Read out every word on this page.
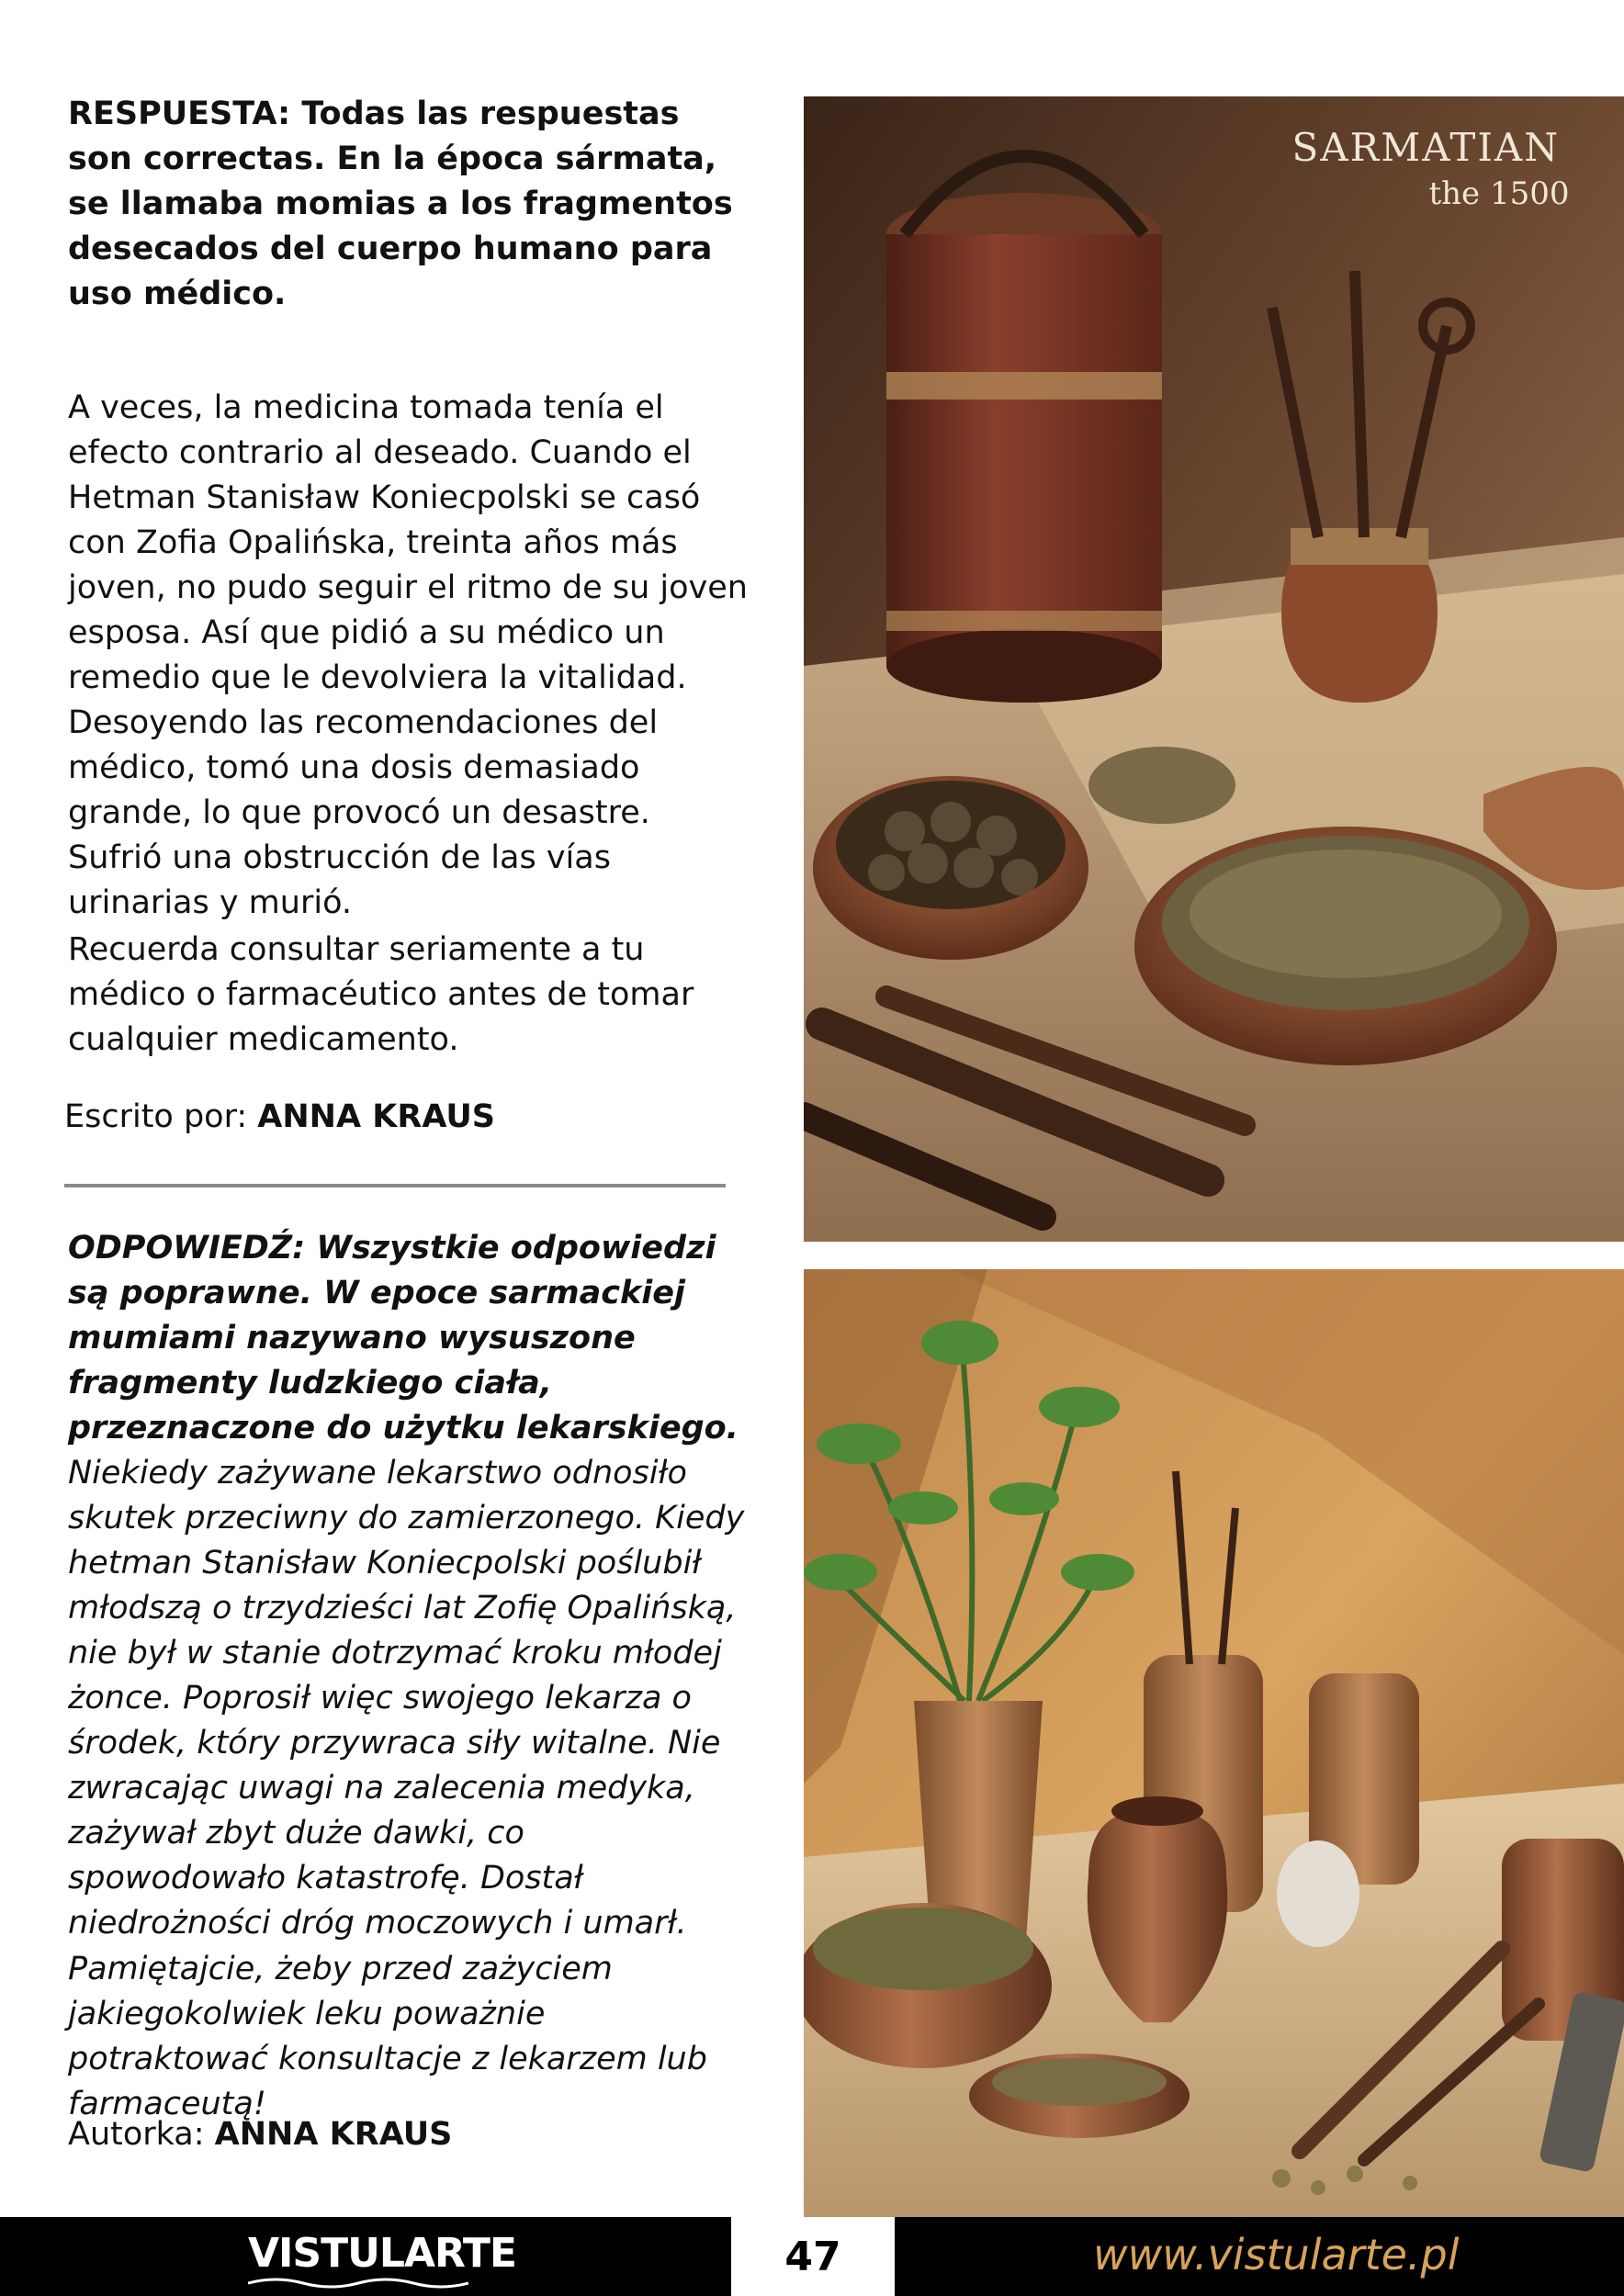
RESPUESTA: Todas las respuestas son correctas. En la época sármata, se llamaba momias a los fragmentos desecados del cuerpo humano para uso médico.

A veces, la medicina tomada tenía el efecto contrario al deseado. Cuando el Hetman Stanisław Koniecpolski se casó con Zofia Opalińska, treinta años más joven, no pudo seguir el ritmo de su joven esposa. Así que pidió a su médico un remedio que le devolviera la vitalidad. Desoyendo las recomendaciones del médico, tomó una dosis demasiado grande, lo que provocó un desastre. Sufrió una obstrucción de las vías urinarias y murió.

Recuerda consultar seriamente a tu médico o farmacéutico antes de tomar cualquier medicamento.

Escrito por: ANNA KRAUS

ODPOWIEDŹ: Wszystkie odpowiedzi są poprawne. W epoce sarmackiej mumiami nazywano wysuszone fragmenty ludzkiego ciała, przeznaczone do użytku lekarskiego.

Niekiedy zażywane lekarstwo odnosiło skutek przeciwny do zamierzonego. Kiedy hetman Stanisław Koniecpolski poślubił młodszą o trzydzieści lat Zofię Opalińską, nie był w stanie dotrzymać kroku młodej żonce. Poprosił więc swojego lekarza o środek, który przywraca siły witalne. Nie zwracając uwagi na zalecenia medyka, zażywał zbyt duże dawki, co spowodowało katastrofę. Dostał niedrożności dróg moczowych i umarł.

Pamiętajcie, żeby przed zażyciem jakiegokolwiek leku poważnie potraktować konsultacje z lekarzem lub farmaceutą!

Autorka: ANNA KRAUS
SARMATIAN
the 1500
VISTULARTE	47	www.vistularte.pl
